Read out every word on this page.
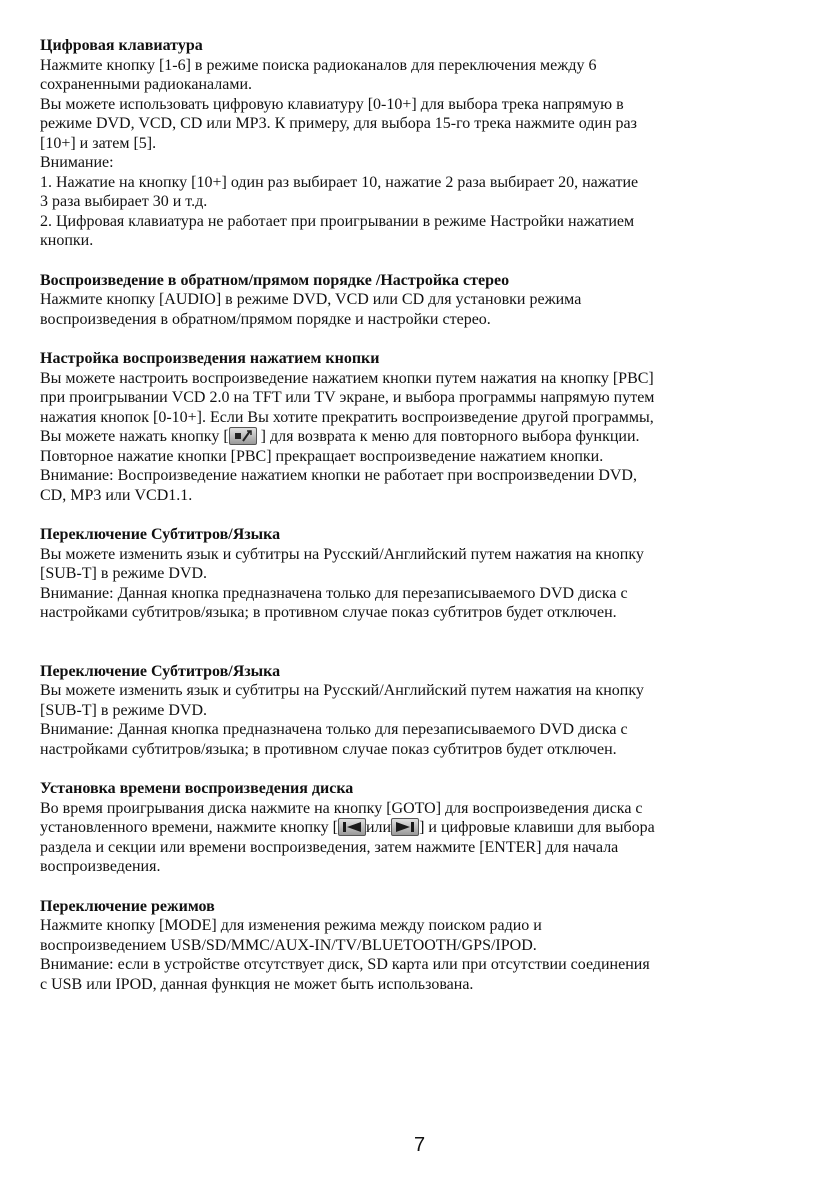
Цифровая клавиатура
Нажмите кнопку [1-6] в режиме поиска радиоканалов для переключения между 6
сохраненными радиоканалами.
Вы можете использовать цифровую клавиатуру [0-10+] для выбора трека напрямую в
режиме DVD, VCD, CD или MP3. К примеру, для выбора 15-го трека нажмите один раз
[10+] и затем [5].
Внимание:
1. Нажатие на кнопку [10+] один раз выбирает 10, нажатие 2 раза выбирает 20, нажатие
3 раза выбирает 30 и т.д.
2. Цифровая клавиатура не работает при проигрывании в режиме Настройки нажатием
кнопки.
Воспроизведение в обратном/прямом порядке /Настройка стерео
Нажмите кнопку [AUDIO] в режиме DVD, VCD или CD для установки режима
воспроизведения в обратном/прямом порядке и настройки стерео.
Настройка воспроизведения нажатием кнопки
Вы можете настроить воспроизведение нажатием кнопки путем нажатия на кнопку [PBC]
при проигрывании VCD 2.0 на TFT или TV экране, и выбора программы напрямую путем
нажатия кнопок [0-10+]. Если Вы хотите прекратить воспроизведение другой программы,
Вы можете нажать кнопку [ ] для возврата к меню для повторного выбора функции.
Повторное нажатие кнопки [PBC] прекращает воспроизведение нажатием кнопки.
Внимание: Воспроизведение нажатием кнопки не работает при воспроизведении DVD,
CD, MP3 или VCD1.1.
Переключение Субтитров/Языка
Вы можете изменить язык и субтитры на Русский/Английский путем нажатия на кнопку
[SUB-T] в режиме DVD.
Внимание: Данная кнопка предназначена только для перезаписываемого DVD диска с
настройками субтитров/языка; в противном случае показ субтитров будет отключен.
Переключение Субтитров/Языка
Вы можете изменить язык и субтитры на Русский/Английский путем нажатия на кнопку
[SUB-T] в режиме DVD.
Внимание: Данная кнопка предназначена только для перезаписываемого DVD диска с
настройками субтитров/языка; в противном случае показ субтитров будет отключен.
Установка времени воспроизведения диска
Во время проигрывания диска нажмите на кнопку [GOTO] для воспроизведения диска с
установленного времени, нажмите кнопку [ или ] и цифровые клавиши для выбора
раздела и секции или времени воспроизведения, затем нажмите [ENTER] для начала
воспроизведения.
Переключение режимов
Нажмите кнопку [MODE] для изменения режима между поиском радио и
воспроизведением USB/SD/MMC/AUX-IN/TV/BLUETOOTH/GPS/IPOD.
Внимание: если в устройстве отсутствует диск, SD карта или при отсутствии соединения
с USB или IPOD, данная функция не может быть использована.
7
